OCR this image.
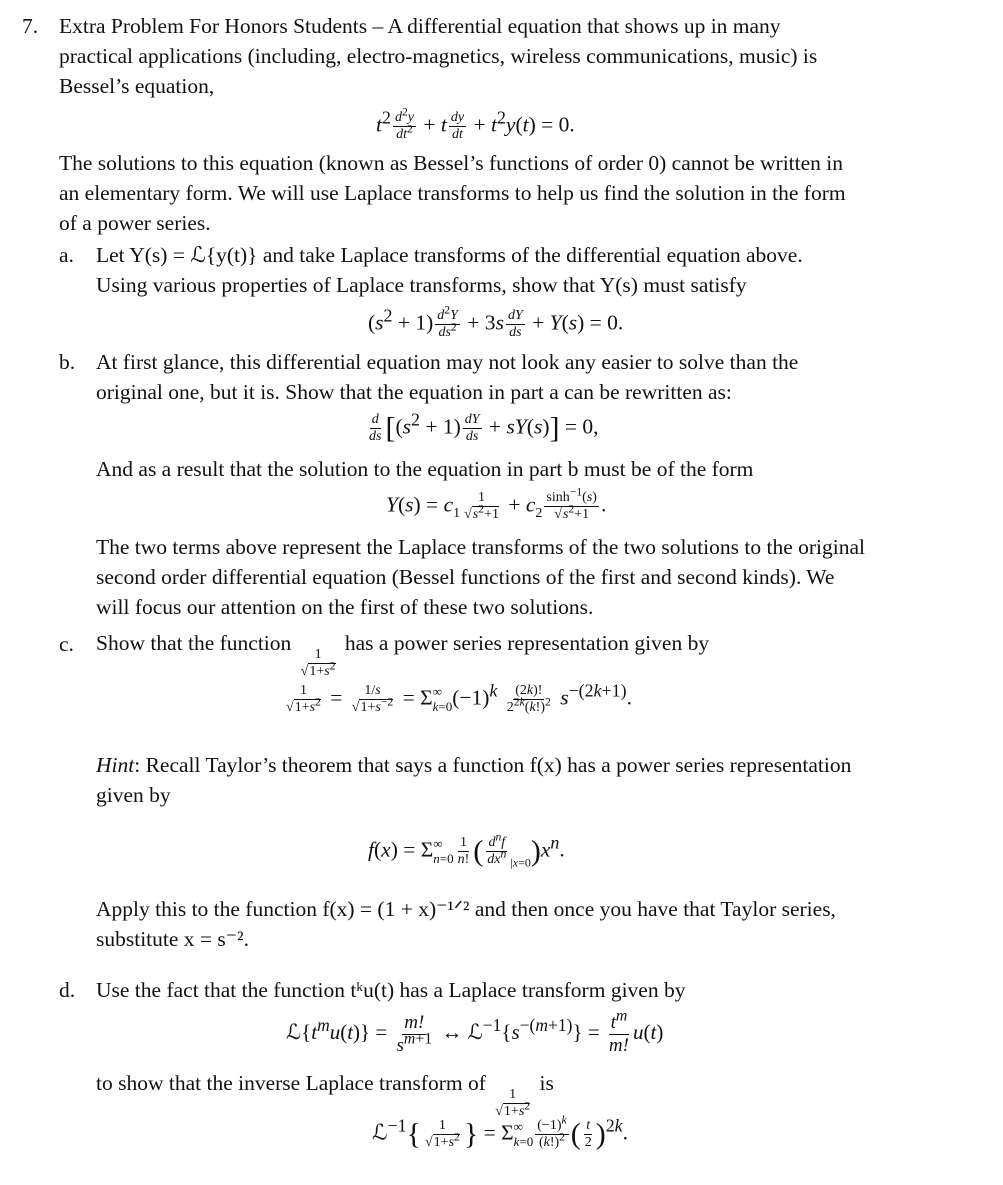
7. Extra Problem For Honors Students – A differential equation that shows up in many
practical applications (including, electro-magnetics, wireless communications, music) is
Bessel’s equation,
$t^2 \frac{d^2y}{dt^2} + t \frac{dy}{dt} + t^2y(t) = 0$.
The solutions to this equation (known as Bessel’s functions of order 0) cannot be written in
an elementary form. We will use Laplace transforms to help us find the solution in the form
of a power series.
a. Let Y(s) = ℒ{y(t)} and take Laplace transforms of the differential equation above.
Using various properties of Laplace transforms, show that Y(s) must satisfy
$(s^2 + 1) \frac{d^2Y}{ds^2} + 3s \frac{dY}{ds} + Y(s) = 0$.
b. At first glance, this differential equation may not look any easier to solve than the
original one, but it is. Show that the equation in part a can be rewritten as:
$\frac{d}{ds} [(s^2 + 1) \frac{dY}{ds} + sY(s)] = 0$,
And as a result that the solution to the equation in part b must be of the form
$Y(s) = c_1 \frac{1}{√s^2+1} + c_2 \frac{\sinh^{-1}(s)}{√s^2+1}$ .
The two terms above represent the Laplace transforms of the two solutions to the original
second order differential equation (Bessel functions of the first and second kinds). We
will focus our attention on the first of these two solutions.
c. Show that the function
$\frac{1}{√1+s^2}$
has a power series representation given by
$\frac{1}{√1+s^2} = \frac{1/s}{√1+s^{-2}} = \Sigma$ ∞
k=0 $(-1)^k \frac{(2k)!}{2^{2k}(k!)^2} s^{-(2k+1)}$.
Hint: Recall Taylor’s theorem that says a function f(x) has a power series representation
given by
f(x) = Σ ∞
$n=0 \frac{1}{n!}$ ( $\frac{d^nf}{dx^n} _{|x=0})x^n$.
Apply this to the function f(x) = (1 + x)⁻¹ᐟ² and then once you have that Taylor series,
substitute x = s⁻².
d. Use the fact that the function tᵏu(t) has a Laplace transform given by
$ℒ\{t^mu(t)\} = \frac{m!}{s^{m+1}}$ ↔ $ℒ^{-1}\{s^{-(m+1)}\} = \frac{t^m}{m!} u(t)$
to show that the inverse Laplace transform of
$\frac{1}{√1+s^2}$
is
ℒ$^{-1}${ $\frac{1}{√1+s^2}$ } = Σ ∞
$k=0 \frac{(-1)^k}{(k!)^2}$ ( $\frac{t}{2} )^{2k}$.
